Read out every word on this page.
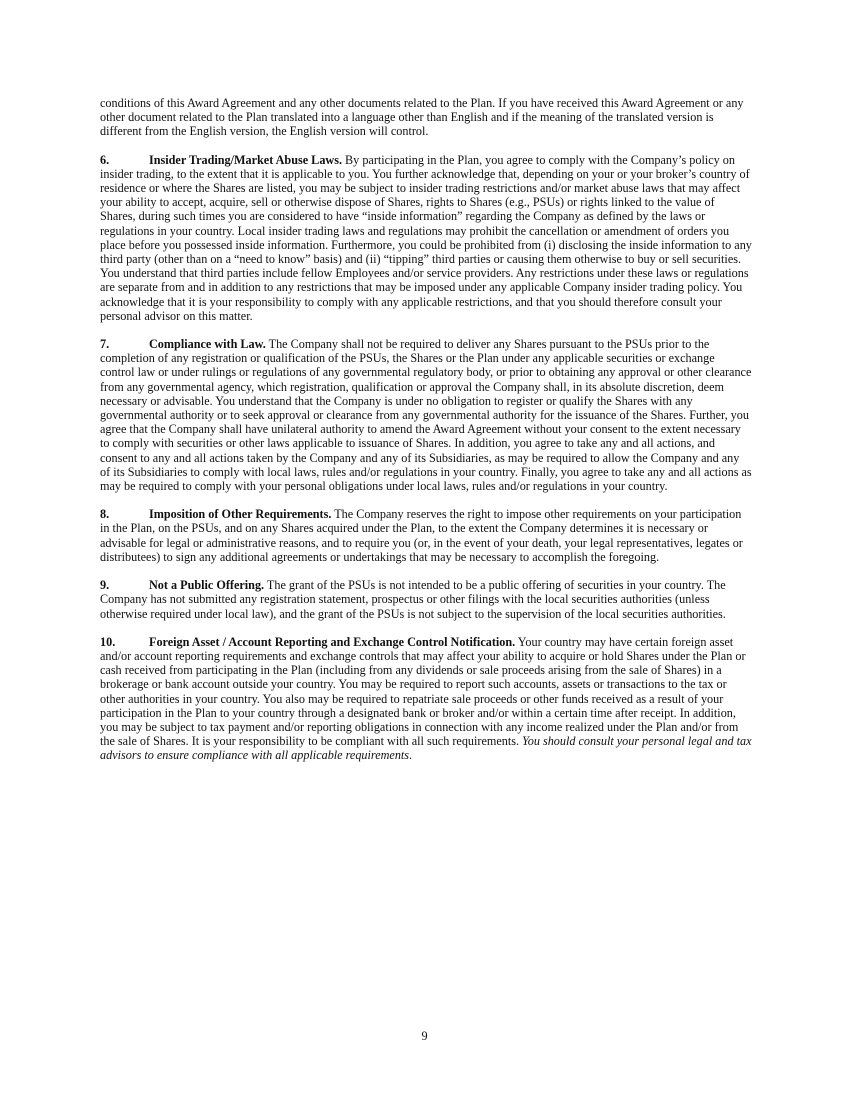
conditions of this Award Agreement and any other documents related to the Plan. If you have received this Award Agreement or any other document related to the Plan translated into a language other than English and if the meaning of the translated version is different from the English version, the English version will control.

6.	Insider Trading/Market Abuse Laws. By participating in the Plan, you agree to comply with the Company’s policy on insider trading, to the extent that it is applicable to you. You further acknowledge that, depending on your or your broker’s country of residence or where the Shares are listed, you may be subject to insider trading restrictions and/or market abuse laws that may affect your ability to accept, acquire, sell or otherwise dispose of Shares, rights to Shares (e.g., PSUs) or rights linked to the value of Shares, during such times you are considered to have “inside information” regarding the Company as defined by the laws or regulations in your country. Local insider trading laws and regulations may prohibit the cancellation or amendment of orders you place before you possessed inside information. Furthermore, you could be prohibited from (i) disclosing the inside information to any third party (other than on a “need to know” basis) and (ii) “tipping” third parties or causing them otherwise to buy or sell securities. You understand that third parties include fellow Employees and/or service providers. Any restrictions under these laws or regulations are separate from and in addition to any restrictions that may be imposed under any applicable Company insider trading policy. You acknowledge that it is your responsibility to comply with any applicable restrictions, and that you should therefore consult your personal advisor on this matter.

7.	Compliance with Law. The Company shall not be required to deliver any Shares pursuant to the PSUs prior to the completion of any registration or qualification of the PSUs, the Shares or the Plan under any applicable securities or exchange control law or under rulings or regulations of any governmental regulatory body, or prior to obtaining any approval or other clearance from any governmental agency, which registration, qualification or approval the Company shall, in its absolute discretion, deem necessary or advisable. You understand that the Company is under no obligation to register or qualify the Shares with any governmental authority or to seek approval or clearance from any governmental authority for the issuance of the Shares. Further, you agree that the Company shall have unilateral authority to amend the Award Agreement without your consent to the extent necessary to comply with securities or other laws applicable to issuance of Shares. In addition, you agree to take any and all actions, and consent to any and all actions taken by the Company and any of its Subsidiaries, as may be required to allow the Company and any of its Subsidiaries to comply with local laws, rules and/or regulations in your country. Finally, you agree to take any and all actions as may be required to comply with your personal obligations under local laws, rules and/or regulations in your country.

8.	Imposition of Other Requirements. The Company reserves the right to impose other requirements on your participation in the Plan, on the PSUs, and on any Shares acquired under the Plan, to the extent the Company determines it is necessary or advisable for legal or administrative reasons, and to require you (or, in the event of your death, your legal representatives, legates or distributees) to sign any additional agreements or undertakings that may be necessary to accomplish the foregoing.

9.	Not a Public Offering. The grant of the PSUs is not intended to be a public offering of securities in your country. The Company has not submitted any registration statement, prospectus or other filings with the local securities authorities (unless otherwise required under local law), and the grant of the PSUs is not subject to the supervision of the local securities authorities.

10.	Foreign Asset / Account Reporting and Exchange Control Notification. Your country may have certain foreign asset and/or account reporting requirements and exchange controls that may affect your ability to acquire or hold Shares under the Plan or cash received from participating in the Plan (including from any dividends or sale proceeds arising from the sale of Shares) in a brokerage or bank account outside your country. You may be required to report such accounts, assets or transactions to the tax or other authorities in your country. You also may be required to repatriate sale proceeds or other funds received as a result of your participation in the Plan to your country through a designated bank or broker and/or within a certain time after receipt. In addition, you may be subject to tax payment and/or reporting obligations in connection with any income realized under the Plan and/or from the sale of Shares. It is your responsibility to be compliant with all such requirements. You should consult your personal legal and tax advisors to ensure compliance with all applicable requirements.

9
